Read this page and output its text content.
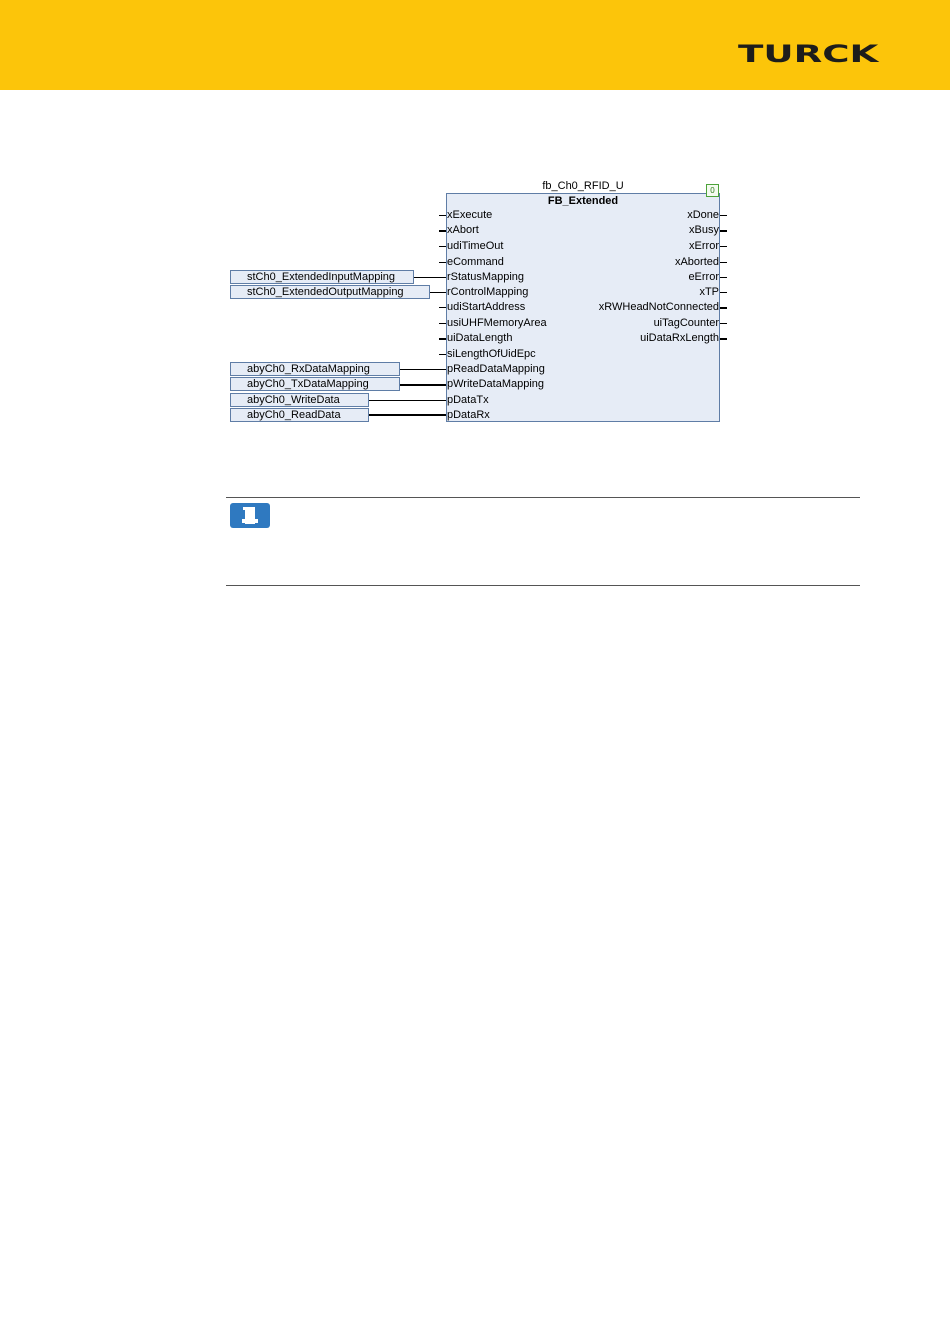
TURCK
fb_Ch0_RFID_U
FB_Extended
0
xExecute
xAbort
udiTimeOut
eCommand
rStatusMapping
rControlMapping
udiStartAddress
usiUHFMemoryArea
uiDataLength
siLengthOfUidEpc
pReadDataMapping
pWriteDataMapping
pDataTx
pDataRx
xDone
xBusy
xError
xAborted
eError
xTP
xRWHeadNotConnected
uiTagCounter
uiDataRxLength
stCh0_ExtendedInputMapping
stCh0_ExtendedOutputMapping
abyCh0_RxDataMapping
abyCh0_TxDataMapping
abyCh0_WriteData
abyCh0_ReadData
